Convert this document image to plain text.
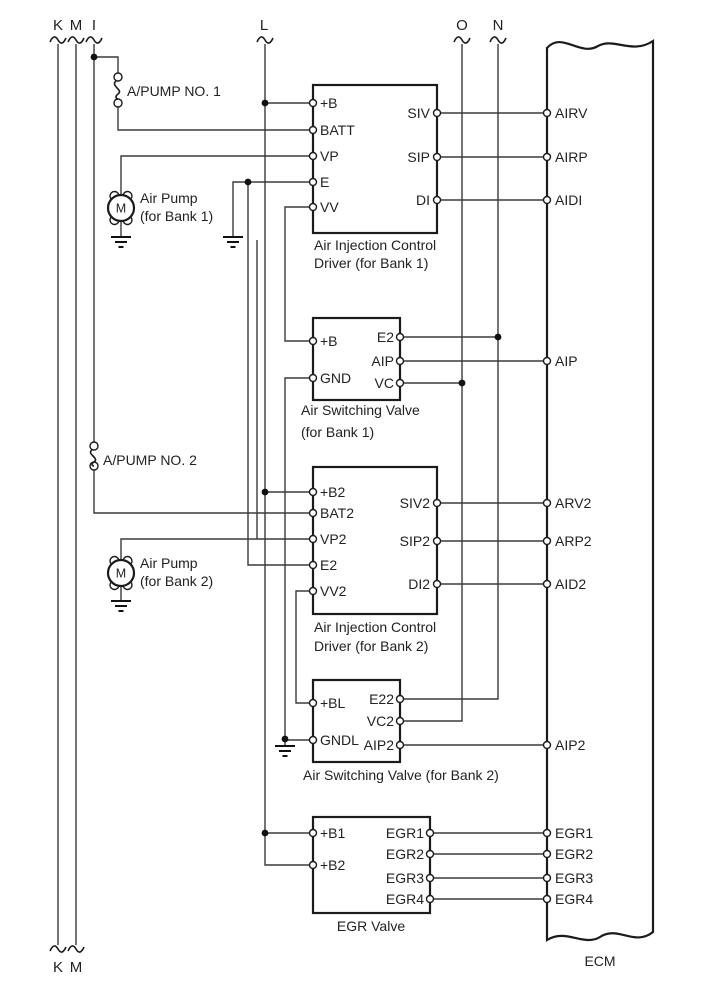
K M I	L	O N
K M
A/PUMP NO. 1
A/PUMP NO. 2
M
Air Pump
(for Bank 1)
M
Air Pump
(for Bank 2)
+B
BATT
VP
E
VV
SIV
SIP
DI
Air Injection Control
Driver (for Bank 1)
+B
GND
E2
AIP
VC
Air Switching Valve
(for Bank 1)
+B2
BAT2
VP2
E2
VV2
SIV2
SIP2
DI2
Air Injection Control
Driver (for Bank 2)
+BL
GNDL
E22
VC2
AIP2
Air Switching Valve (for Bank 2)
+B1
+B2
EGR1
EGR2
EGR3
EGR4
EGR Valve
AIRV
AIRP
AIDI
AIP
ARV2
ARP2
AID2
AIP2
EGR1
EGR2
EGR3
EGR4
ECM
